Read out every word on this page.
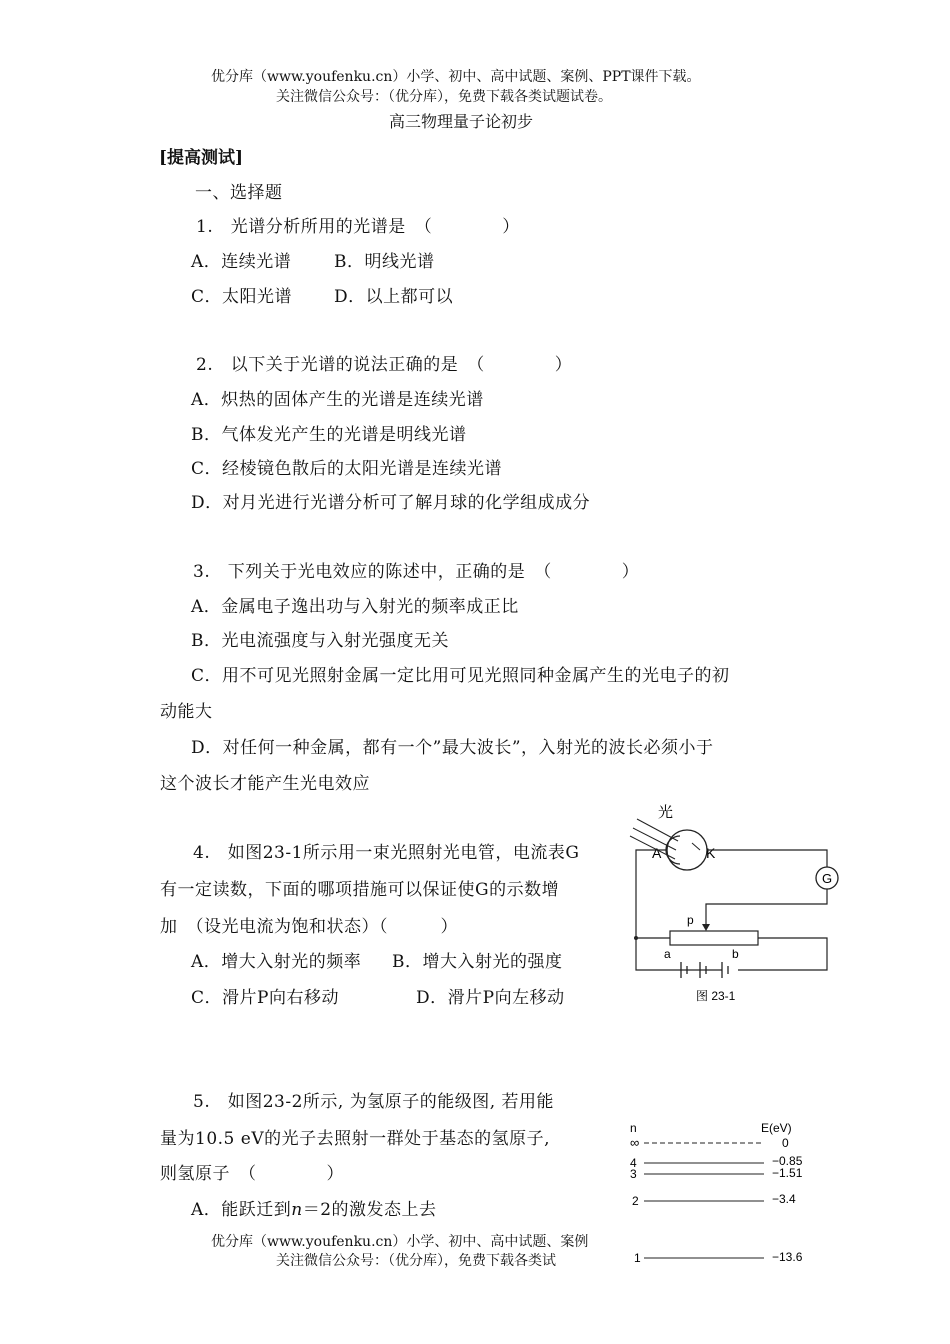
优分库（www.youfenku.cn）小学、初中、高中试题、案例、PPT课件下载。
关注微信公众号：（优分库），免费下载各类试题试卷。
高三物理量子论初步
[提高测试]
一、选择题
1.　光谱分析所用的光谱是　（　　　　）
A．连续光谱	B．明线光谱
C．太阳光谱 D．以上都可以
2.　以下关于光谱的说法正确的是　（　　　　）
A．炽热的固体产生的光谱是连续光谱
B．气体发光产生的光谱是明线光谱
C．经棱镜色散后的太阳光谱是连续光谱
D．对月光进行光谱分析可了解月球的化学组成成分
3.　下列关于光电效应的陈述中，正确的是　（　　　　）
A．金属电子逸出功与入射光的频率成正比
B．光电流强度与入射光强度无关
C．用不可见光照射金属一定比用可见光照同种金属产生的光电子的初
动能大
D．对任何一种金属，都有一个”最大波长”，入射光的波长必须小于
这个波长才能产生光电效应
4.　如图23-1所示用一束光照射光电管，电流表G
有一定读数，下面的哪项措施可以保证使G的示数增
加　（设光电流为饱和状态）（　　　）
A．增大入射光的频率 B．增大入射光的强度
C．滑片P向右移动	D．滑片P向左移动
光
A	K
G
p
a	b
图 23-1
5.　如图23-2所示, 为氢原子的能级图, 若用能
量为10.5 eV的光子去照射一群处于基态的氢原子,
则氢原子　（　　　　）
A．能跃迁到n＝2的激发态上去
n	E(eV)
∞	0
4	−0.85
3	−1.51
2	−3.4
1	−13.6
优分库（www.youfenku.cn）小学、初中、高中试题、案例
关注微信公众号：（优分库），免费下载各类试
